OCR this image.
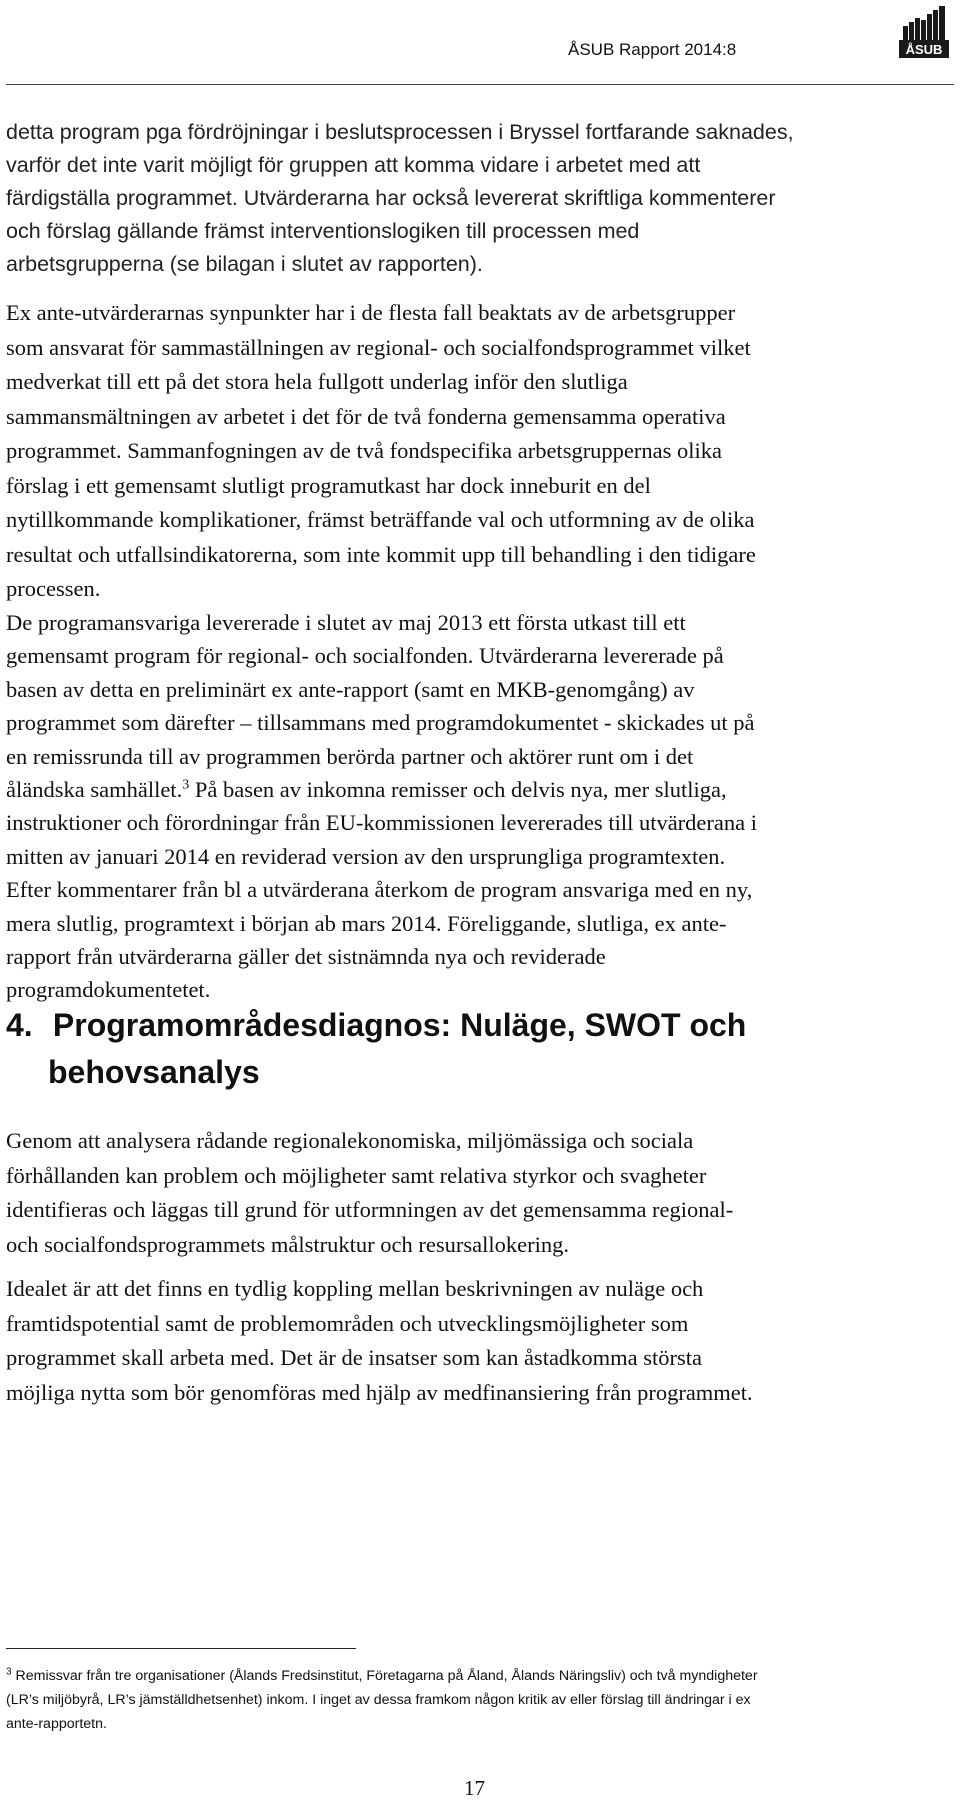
ÅSUB Rapport 2014:8	ÅSUB

detta program pga fördröjningar i beslutsprocessen i Bryssel fortfarande saknades,
varför det inte varit möjligt för gruppen att komma vidare i arbetet med att
färdigställa programmet. Utvärderarna har också levererat skriftliga kommenterer
och förslag gällande främst interventionslogiken till processen med
arbetsgrupperna (se bilagan i slutet av rapporten).

Ex ante-utvärderarnas synpunkter har i de flesta fall beaktats av de arbetsgrupper
som ansvarat för sammaställningen av regional- och socialfondsprogrammet vilket
medverkat till ett på det stora hela fullgott underlag inför den slutliga
sammansmältningen av arbetet i det för de två fonderna gemensamma operativa
programmet. Sammanfogningen av de två fondspecifika arbetsgruppernas olika
förslag i ett gemensamt slutligt programutkast har dock inneburit en del
nytillkommande komplikationer, främst beträffande val och utformning av de olika
resultat och utfallsindikatorerna, som inte kommit upp till behandling i den tidigare
processen.

De programansvariga levererade i slutet av maj 2013 ett första utkast till ett
gemensamt program för regional- och socialfonden. Utvärderarna levererade på
basen av detta en preliminärt ex ante-rapport (samt en MKB-genomgång) av
programmet som därefter – tillsammans med programdokumentet - skickades ut på
en remissrunda till av programmen berörda partner och aktörer runt om i det
åländska samhället.$^3$ På basen av inkomna remisser och delvis nya, mer slutliga,
instruktioner och förordningar från EU-kommissionen levererades till utvärderana i
mitten av januari 2014 en reviderad version av den ursprungliga programtexten.
Efter kommentarer från bl a utvärderana återkom de program ansvariga med en ny,
mera slutlig, programtext i början ab mars 2014. Föreliggande, slutliga, ex ante-
rapport från utvärderarna gäller det sistnämnda nya och reviderade
programdokumentetet.

4. Programområdesdiagnos: Nuläge, SWOT och
behovsanalys

Genom att analysera rådande regionalekonomiska, miljömässiga och sociala
förhållanden kan problem och möjligheter samt relativa styrkor och svagheter
identifieras och läggas till grund för utformningen av det gemensamma regional-
och socialfondsprogrammets målstruktur och resursallokering.

Idealet är att det finns en tydlig koppling mellan beskrivningen av nuläge och
framtidspotential samt de problemområden och utvecklingsmöjligheter som
programmet skall arbeta med. Det är de insatser som kan åstadkomma största
möjliga nytta som bör genomföras med hjälp av medfinansiering från programmet.

$^3$ Remissvar från tre organisationer (Ålands Fredsinstitut, Företagarna på Åland, Ålands Näringsliv) och två myndigheter
(LR’s miljöbyrå, LR’s jämställdhetsenhet) inkom. I inget av dessa framkom någon kritik av eller förslag till ändringar i ex
ante-rapportetn.

17
